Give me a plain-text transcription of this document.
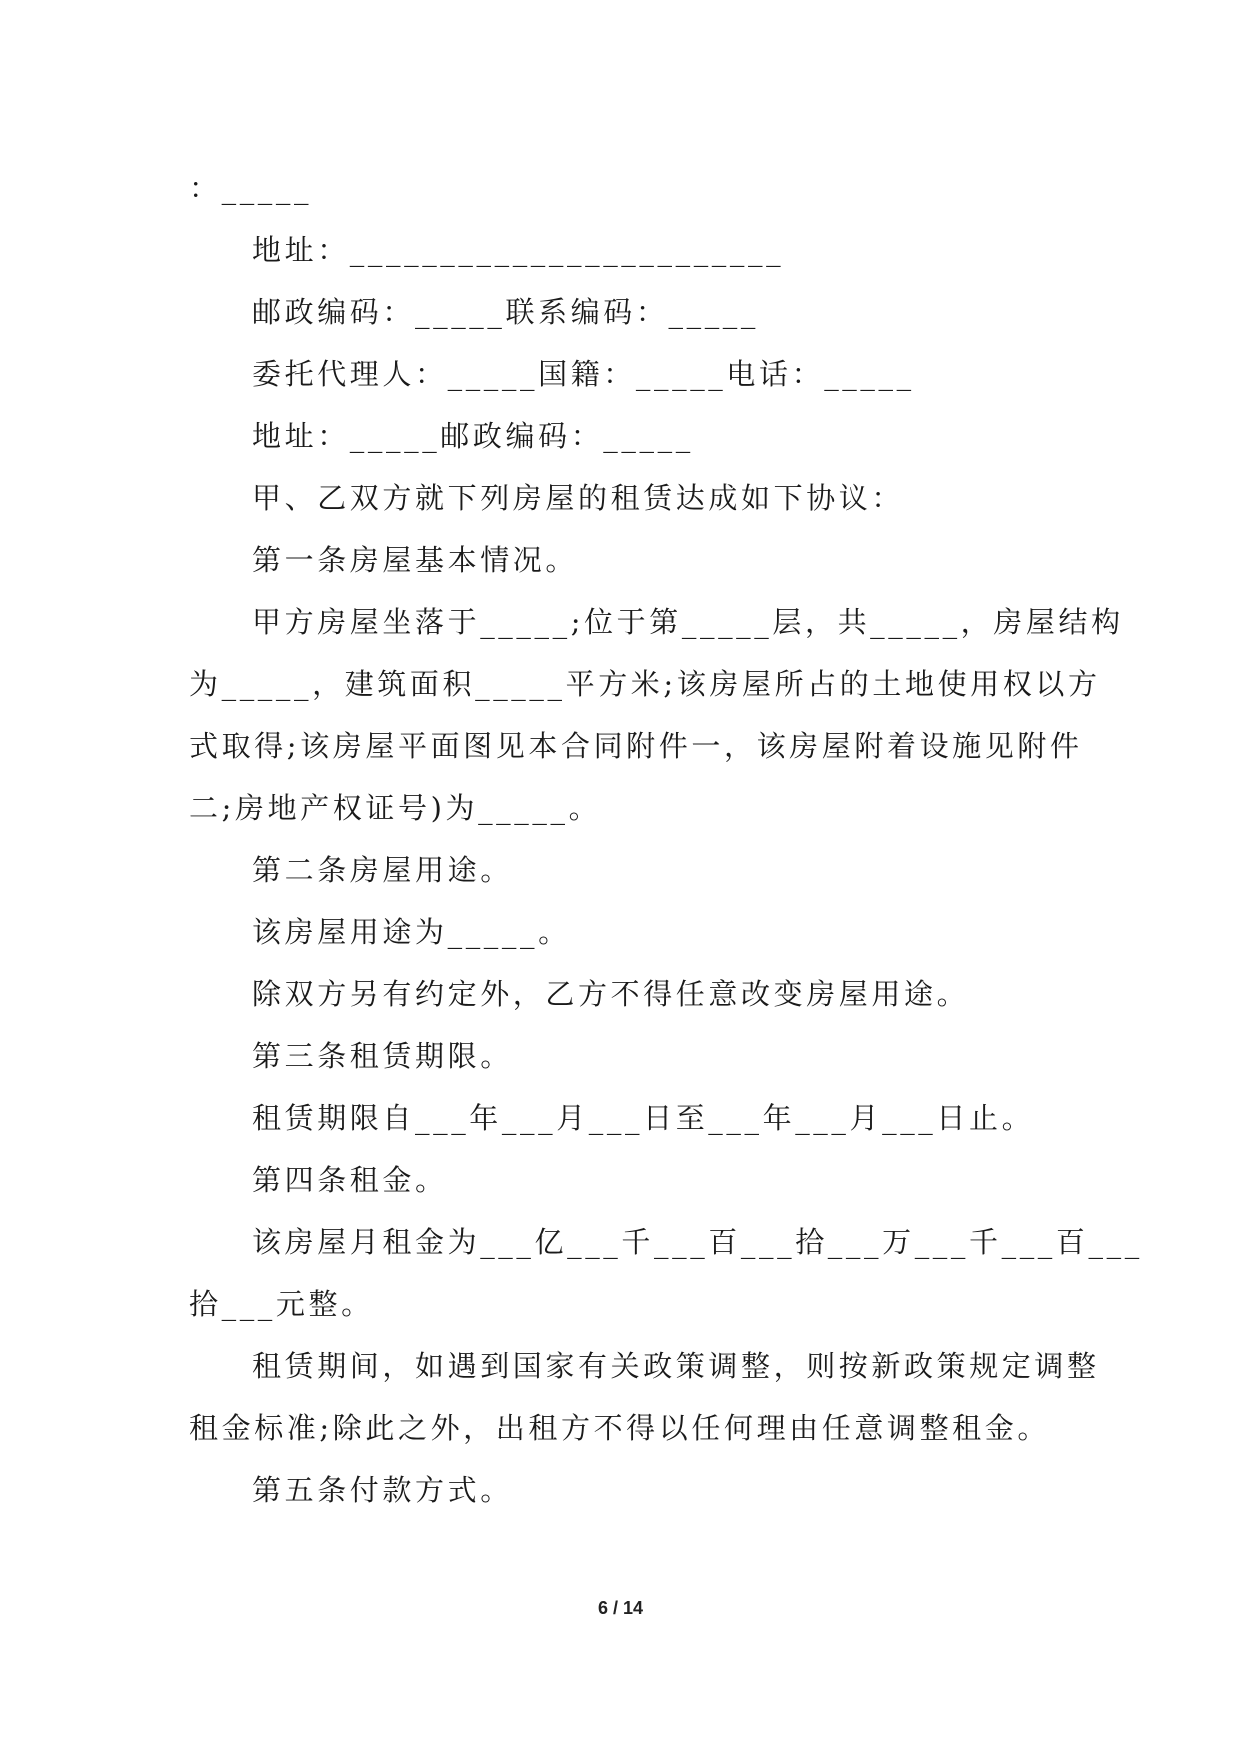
：_____
地址：________________________
邮政编码：_____联系编码：_____
委托代理人：_____国籍：_____电话：_____
地址：_____邮政编码：_____
甲、乙双方就下列房屋的租赁达成如下协议：
第一条房屋基本情况。
甲方房屋坐落于_____;位于第_____层，共_____，房屋结构
为_____，建筑面积_____平方米;该房屋所占的土地使用权以方
式取得;该房屋平面图见本合同附件一，该房屋附着设施见附件
二;房地产权证号)为_____。
第二条房屋用途。
该房屋用途为_____。
除双方另有约定外，乙方不得任意改变房屋用途。
第三条租赁期限。
租赁期限自___年___月___日至___年___月___日止。
第四条租金。
该房屋月租金为___亿___千___百___拾___万___千___百___
拾___元整。
租赁期间，如遇到国家有关政策调整，则按新政策规定调整
租金标准;除此之外，出租方不得以任何理由任意调整租金。
第五条付款方式。
6 / 14
